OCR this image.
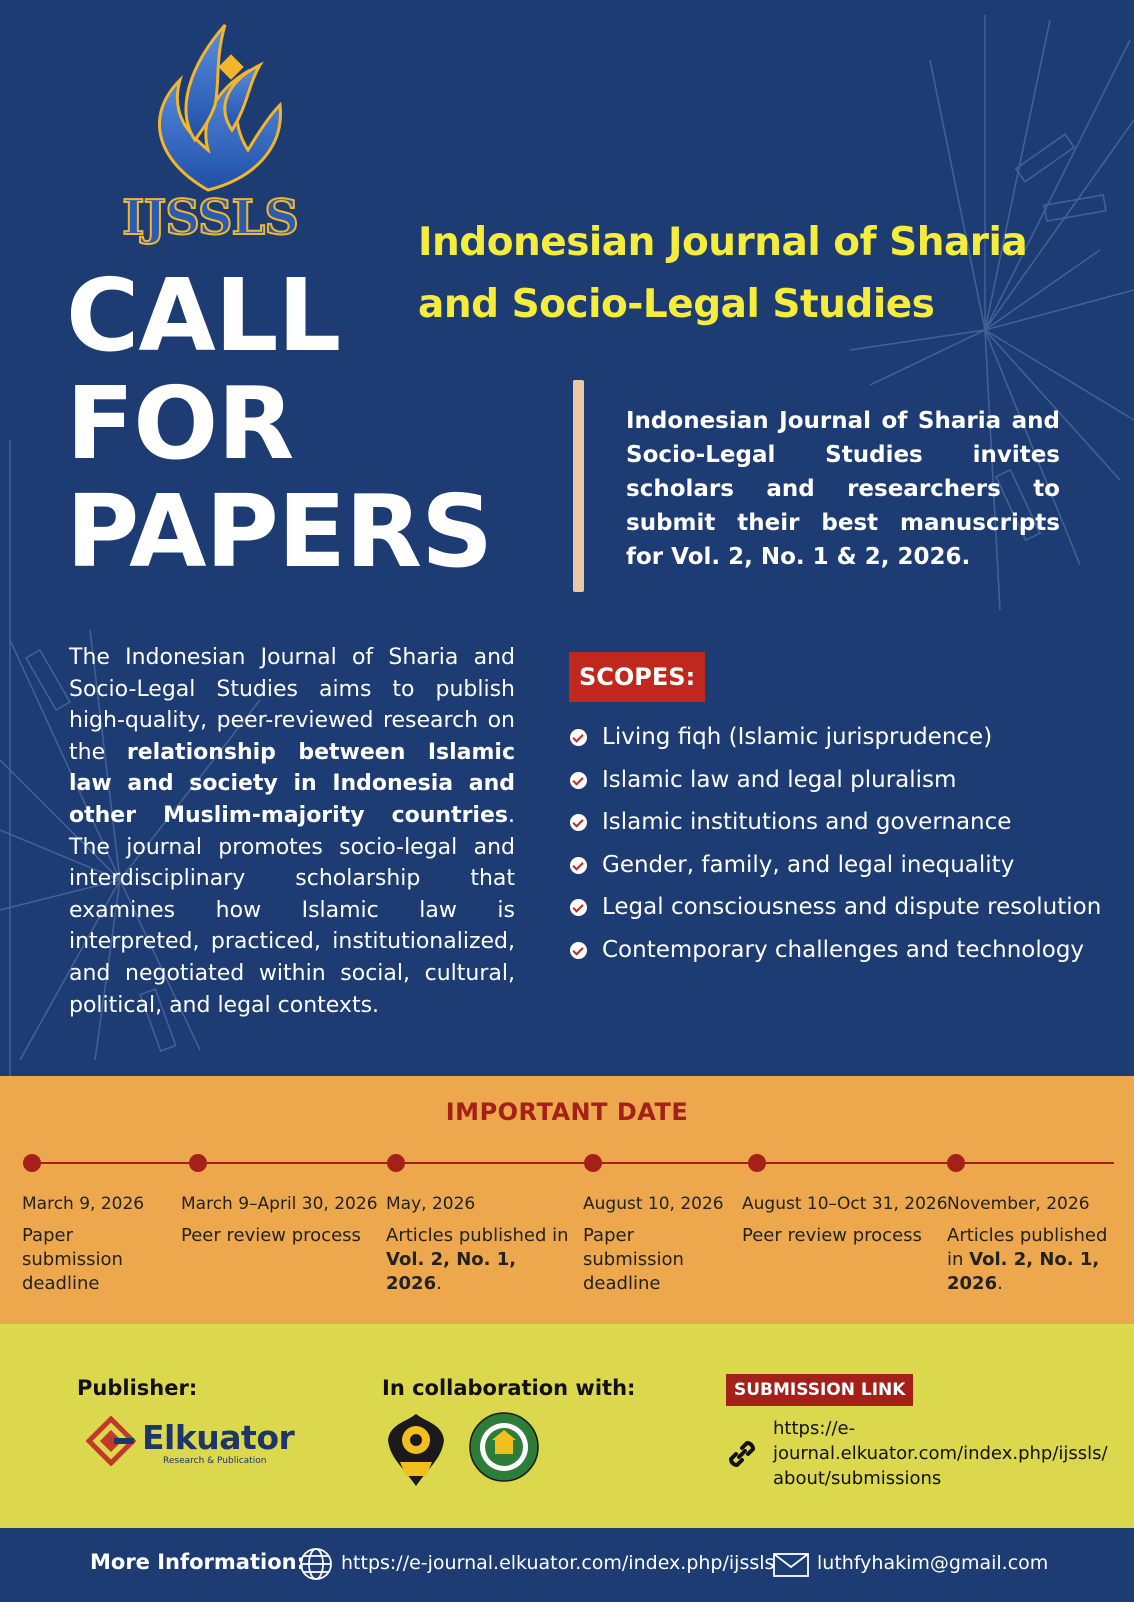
IJSSLS	Indonesian Journal of Sharia
and Socio-Legal Studies
CALL
FOR
PAPERS
Indonesian Journal of Sharia and Socio-Legal Studies invites scholars and researchers to submit their best manuscripts for Vol. 2, No. 1 & 2, 2026.
The Indonesian Journal of Sharia and Socio-Legal Studies aims to publish high-quality, peer-reviewed research on the relationship between Islamic law and society in Indonesia and other Muslim-majority countries. The journal promotes socio-legal and interdisciplinary scholarship that examines how Islamic law is interpreted, practiced, institutionalized, and negotiated within social, cultural, political, and legal contexts.
SCOPES:
Living fiqh (Islamic jurisprudence)
Islamic law and legal pluralism
Islamic institutions and governance
Gender, family, and legal inequality
Legal consciousness and dispute resolution
Contemporary challenges and technology
IMPORTANT DATE
March 9, 2026
Paper submission deadline
March 9–April 30, 2026
Peer review process
May, 2026
Articles published in Vol. 2, No. 1, 2026.
August 10, 2026
Paper submission deadline
August 10–Oct 31, 2026
Peer review process
November, 2026
Articles published in Vol. 2, No. 1, 2026.
Publisher:
Elkuator
Research & Publication
In collaboration with:	SUBMISSION LINK
https://e-journal.elkuator.com/index.php/ijssls/about/submissions
More Information: https://e-journal.elkuator.com/index.php/ijssls luthfyhakim@gmail.com
